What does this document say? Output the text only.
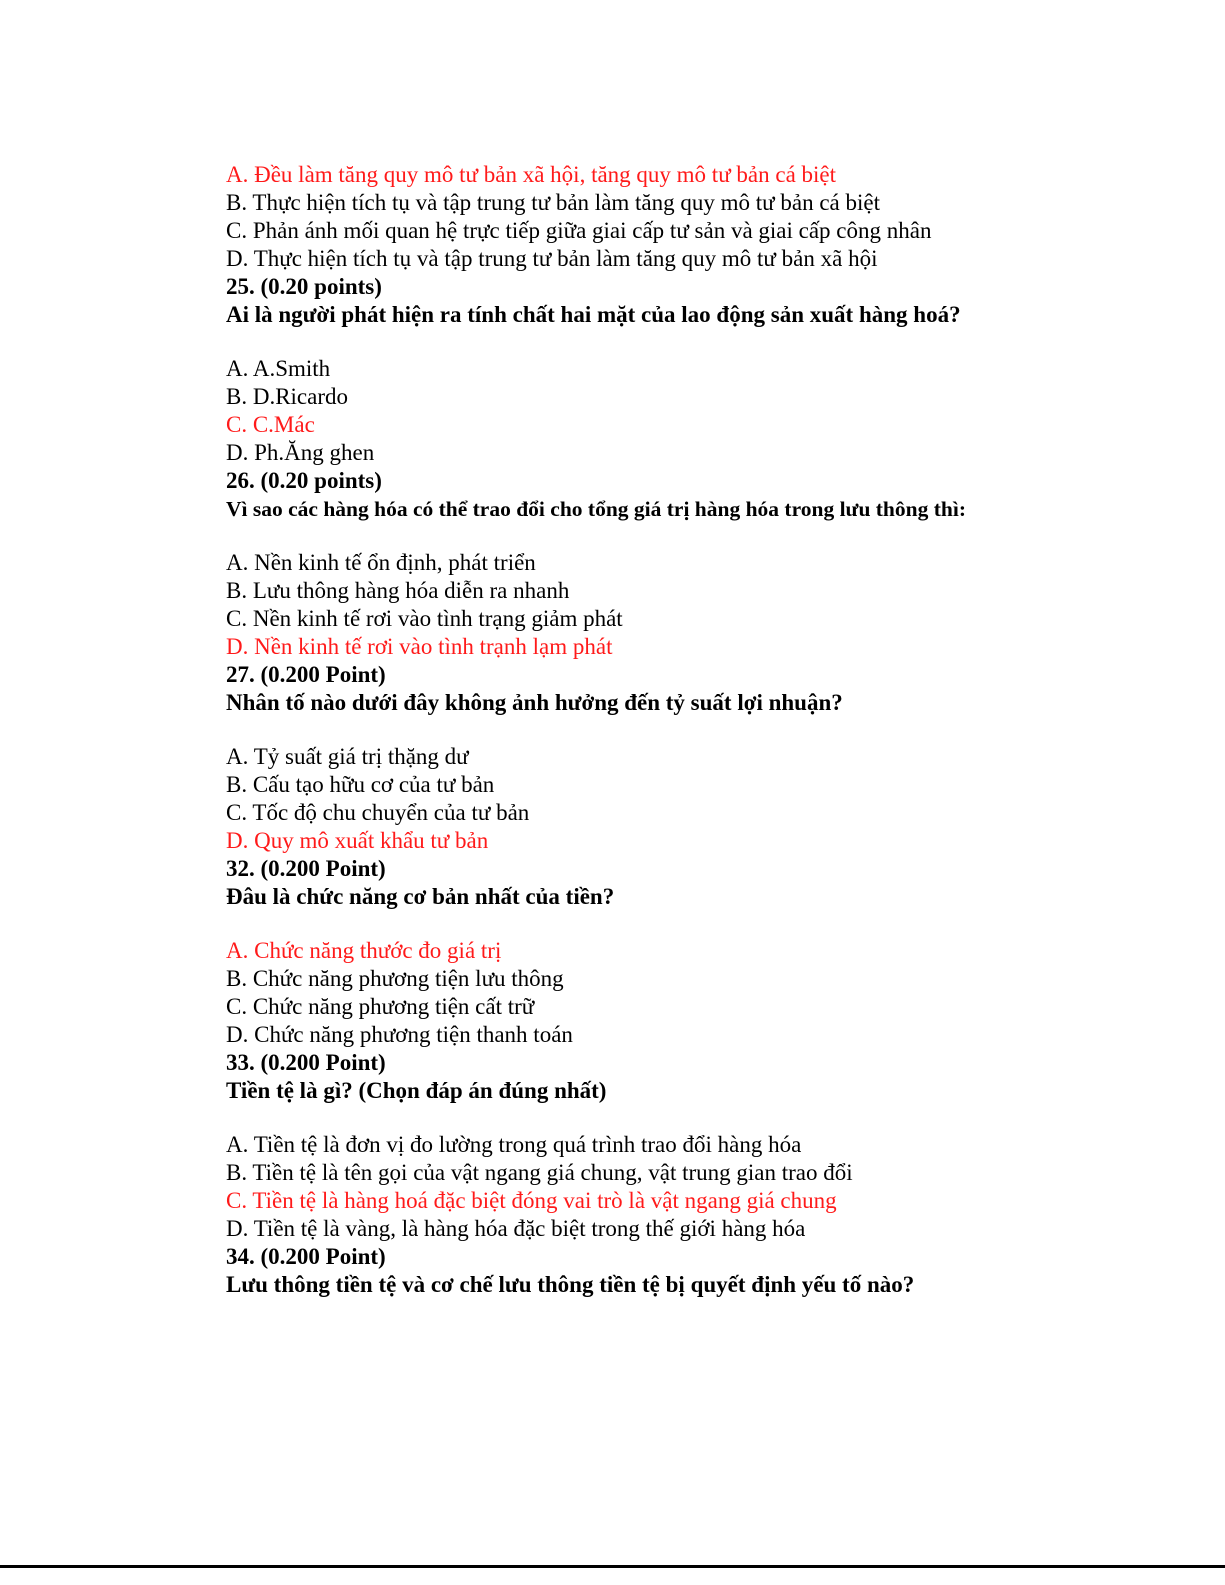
A. Đều làm tăng quy mô tư bản xã hội, tăng quy mô tư bản cá biệt
B. Thực hiện tích tụ và tập trung tư bản làm tăng quy mô tư bản cá biệt
C. Phản ánh mối quan hệ trực tiếp giữa giai cấp tư sản và giai cấp công nhân
D. Thực hiện tích tụ và tập trung tư bản làm tăng quy mô tư bản xã hội
25. (0.20 points)
Ai là người phát hiện ra tính chất hai mặt của lao động sản xuất hàng hoá?
A. A.Smith
B. D.Ricardo
C. C.Mác
D. Ph.Ăng ghen
26. (0.20 points)
Vì sao các hàng hóa có thể trao đổi cho tổng giá trị hàng hóa trong lưu thông thì:
A. Nền kinh tế ổn định, phát triển
B. Lưu thông hàng hóa diễn ra nhanh
C. Nền kinh tế rơi vào tình trạng giảm phát
D. Nền kinh tế rơi vào tình trạnh lạm phát
27. (0.200 Point)
Nhân tố nào dưới đây không ảnh hưởng đến tỷ suất lợi nhuận?
A. Tỷ suất giá trị thặng dư
B. Cấu tạo hữu cơ của tư bản
C. Tốc độ chu chuyển của tư bản
D. Quy mô xuất khẩu tư bản
32. (0.200 Point)
Đâu là chức năng cơ bản nhất của tiền?
A. Chức năng thước đo giá trị
B. Chức năng phương tiện lưu thông
C. Chức năng phương tiện cất trữ
D. Chức năng phương tiện thanh toán
33. (0.200 Point)
Tiền tệ là gì? (Chọn đáp án đúng nhất)
A. Tiền tệ là đơn vị đo lường trong quá trình trao đổi hàng hóa
B. Tiền tệ là tên gọi của vật ngang giá chung, vật trung gian trao đổi
C. Tiền tệ là hàng hoá đặc biệt đóng vai trò là vật ngang giá chung
D. Tiền tệ là vàng, là hàng hóa đặc biệt trong thế giới hàng hóa
34. (0.200 Point)
Lưu thông tiền tệ và cơ chế lưu thông tiền tệ bị quyết định yếu tố nào?
